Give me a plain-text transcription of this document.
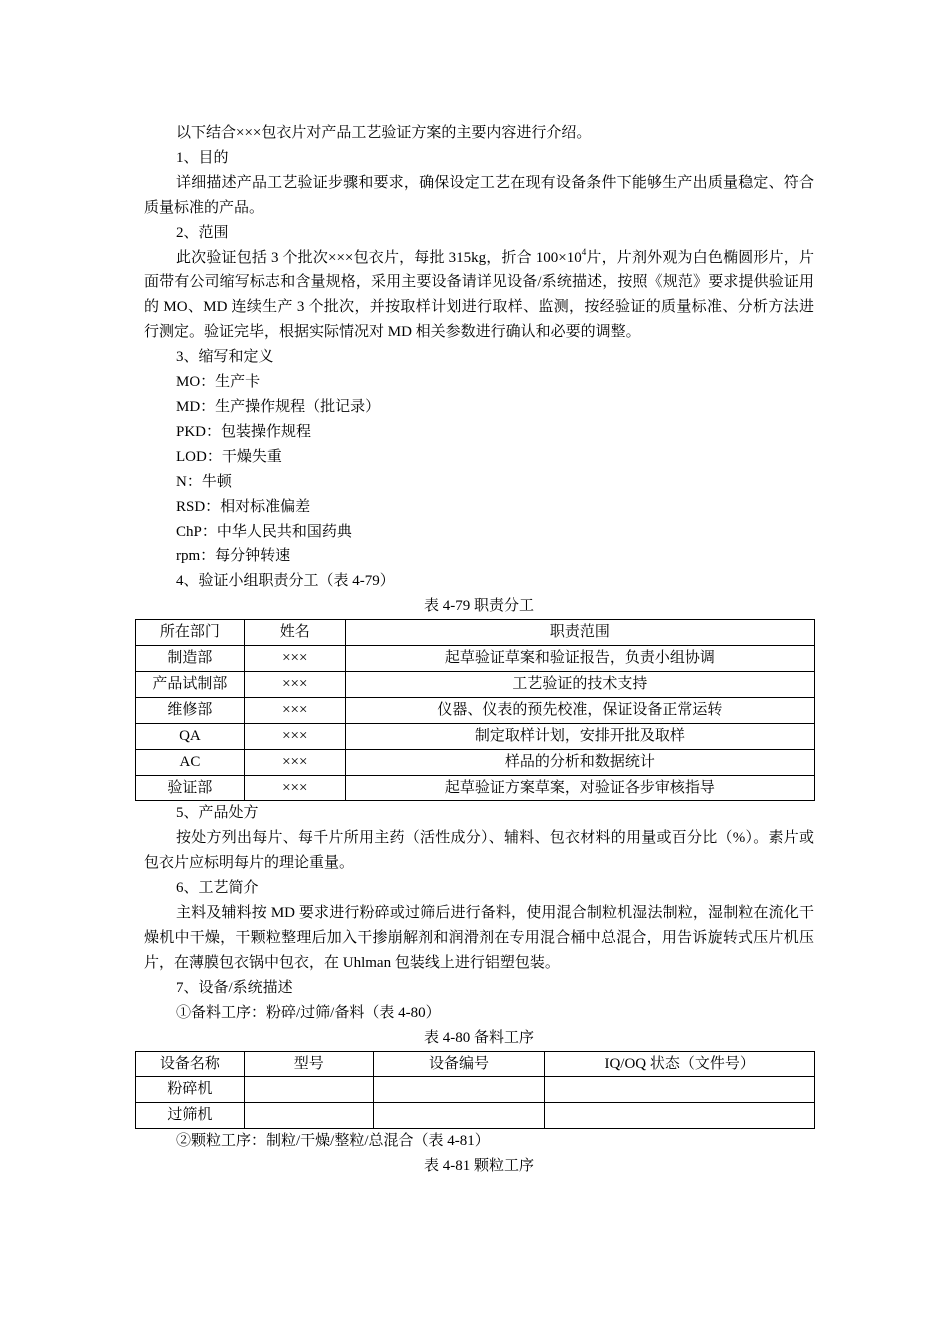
以下结合×××包衣片对产品工艺验证方案的主要内容进行介绍。

1、目的

详细描述产品工艺验证步骤和要求，确保设定工艺在现有设备条件下能够生产出质量稳定、符合质量标准的产品。

2、范围

此次验证包括 3 个批次×××包衣片，每批 315kg，折合 $100\times 10^4$片，片剂外观为白色椭圆形片，片面带有公司缩写标志和含量规格，采用主要设备请详见设备/系统描述，按照《规范》要求提供验证用的 MO、MD 连续生产 3 个批次，并按取样计划进行取样、监测，按经验证的质量标准、分析方法进行测定。验证完毕，根据实际情况对 MD 相关参数进行确认和必要的调整。

3、缩写和定义

MO：生产卡

MD：生产操作规程（批记录）

PKD：包装操作规程

LOD：干燥失重

N：牛顿

RSD：相对标准偏差

ChP：中华人民共和国药典

rpm：每分钟转速

4、验证小组职责分工（表 4-79）

表 4-79 职责分工

所在部门	姓名	职责范围
制造部	×××	起草验证草案和验证报告，负责小组协调
产品试制部	×××	工艺验证的技术支持
维修部	×××	仪器、仪表的预先校准，保证设备正常运转
QA	×××	制定取样计划，安排开批及取样
AC	×××	样品的分析和数据统计
验证部	×××	起草验证方案草案，对验证各步审核指导

5、产品处方

按处方列出每片、每千片所用主药（活性成分）、辅料、包衣材料的用量或百分比（%）。素片或包衣片应标明每片的理论重量。

6、工艺简介

主料及辅料按 MD 要求进行粉碎或过筛后进行备料，使用混合制粒机湿法制粒，湿制粒在流化干燥机中干燥，干颗粒整理后加入干掺崩解剂和润滑剂在专用混合桶中总混合，用告诉旋转式压片机压片，在薄膜包衣锅中包衣，在 Uhlman 包装线上进行铝塑包装。

7、设备/系统描述

①备料工序：粉碎/过筛/备料（表 4-80）

表 4-80 备料工序

设备名称	型号	设备编号	IQ/OQ 状态（文件号）
粉碎机			
过筛机			

②颗粒工序：制粒/干燥/整粒/总混合（表 4-81）

表 4-81 颗粒工序
